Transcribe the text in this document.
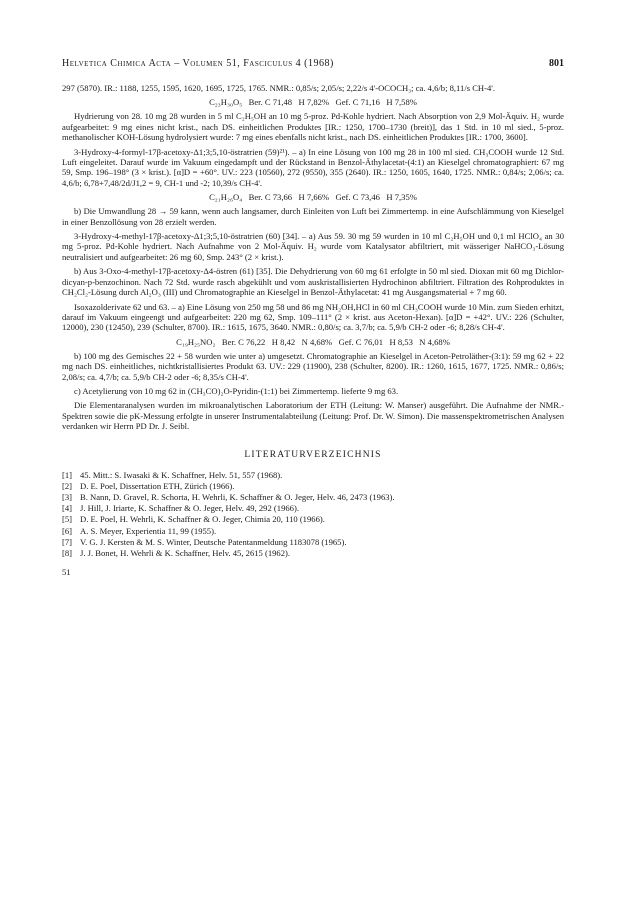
Helvetica Chimica Acta – Volumen 51, Fasciculus 4 (1968)	801

297 (5870). IR.: 1188, 1255, 1595, 1620, 1695, 1725, 1765. NMR.: 0,85/s; 2,05/s; 2,22/s 4'-OCOCH₃; ca. 4,6/b; 8,11/s CH-4'.

C₂₃H₃₀O₅   Ber. C 71,48   H 7,82%   Gef. C 71,16   H 7,58%

Hydrierung von 28. 10 mg 28 wurden in 5 ml C₂H₅OH an 10 mg 5-proz. Pd-Kohle hydriert. Nach Absorption von 2,9 Mol-Äquiv. H₂ wurde aufgearbeitet: 9 mg eines nicht krist., nach DS. einheitlichen Produktes [IR.: 1250, 1700–1730 (breit)], das 1 Std. in 10 ml sied., 5-proz. methanolischer KOH-Lösung hydrolysiert wurde: 7 mg eines ebenfalls nicht krist., nach DS. einheitlichen Produktes [IR.: 1700, 3600].

3-Hydroxy-4-formyl-17β-acetoxy-Δ1;3;5,10-östratrien (59)²¹). – a) In eine Lösung von 100 mg 28 in 100 ml sied. CH₃COOH wurde 12 Std. Luft eingeleitet. Darauf wurde im Vakuum eingedampft und der Rückstand in Benzol-Äthylacetat-(4:1) an Kieselgel chromatographiert: 67 mg 59, Smp. 196–198° (3 × krist.). [α]D = +60°. UV.: 223 (10560), 272 (9550), 355 (2640). IR.: 1250, 1605, 1640, 1725. NMR.: 0,84/s; 2,06/s; ca. 4,6/b; 6,78+7,48/2d/J1,2 = 9, CH-1 und -2; 10,39/s CH-4'.

C₂₁H₂₆O₄   Ber. C 73,66   H 7,66%   Gef. C 73,46   H 7,35%

b) Die Umwandlung 28 → 59 kann, wenn auch langsamer, durch Einleiten von Luft bei Zimmertemp. in eine Aufschlämmung von Kieselgel in einer Benzollösung von 28 erzielt werden.

3-Hydroxy-4-methyl-17β-acetoxy-Δ1;3;5,10-östratrien (60) [34]. – a) Aus 59. 30 mg 59 wurden in 10 ml C₂H₅OH und 0,1 ml HClO₄ an 30 mg 5-proz. Pd-Kohle hydriert. Nach Aufnahme von 2 Mol-Äquiv. H₂ wurde vom Katalysator abfiltriert, mit wässeriger NaHCO₃-Lösung neutralisiert und aufgearbeitet: 26 mg 60, Smp. 243° (2 × krist.).

b) Aus 3-Oxo-4-methyl-17β-acetoxy-Δ4-östren (61) [35]. Die Dehydrierung von 60 mg 61 erfolgte in 50 ml sied. Dioxan mit 60 mg Dichlor-dicyan-p-benzochinon. Nach 72 Std. wurde rasch abgekühlt und vom auskristallisierten Hydrochinon abfiltriert. Filtration des Rohproduktes in CH₂Cl₂-Lösung durch Al₂O₃ (III) und Chromatographie an Kieselgel in Benzol-Äthylacetat: 41 mg Ausgangsmaterial + 7 mg 60.

Isoxazolderivate 62 und 63. – a) Eine Lösung von 250 mg 58 und 86 mg NH₂OH,HCl in 60 ml CH₃COOH wurde 10 Min. zum Sieden erhitzt, darauf im Vakuum eingeengt und aufgearbeitet: 220 mg 62, Smp. 109–111° (2 × krist. aus Aceton-Hexan). [α]D = +42°. UV.: 226 (Schulter, 12000), 230 (12450), 239 (Schulter, 8700). IR.: 1615, 1675, 3640. NMR.: 0,80/s; ca. 3,7/b; ca. 5,9/b CH-2 oder -6; 8,28/s CH-4'.

C₁₉H₂₅NO₂   Ber. C 76,22   H 8,42   N 4,68%   Gef. C 76,01   H 8,53   N 4,68%

b) 100 mg des Gemisches 22 + 58 wurden wie unter a) umgesetzt. Chromatographie an Kieselgel in Aceton-Petroläther-(3:1): 59 mg 62 + 22 mg nach DS. einheitliches, nichtkristallisiertes Produkt 63. UV.: 229 (11900), 238 (Schulter, 8200). IR.: 1260, 1615, 1677, 1725. NMR.: 0,86/s; 2,08/s; ca. 4,7/b; ca. 5,9/b CH-2 oder -6; 8,35/s CH-4'.

c) Acetylierung von 10 mg 62 in (CH₃CO)₂O-Pyridin-(1:1) bei Zimmertemp. lieferte 9 mg 63.

Die Elementaranalysen wurden im mikroanalytischen Laboratorium der ETH (Leitung: W. Manser) ausgeführt. Die Aufnahme der NMR.-Spektren sowie die pK-Messung erfolgte in unserer Instrumentalabteilung (Leitung: Prof. Dr. W. Simon). Die massenspektrometrischen Analysen verdanken wir Herrn PD Dr. J. Seibl.

LITERATURVERZEICHNIS
[1] 45. Mitt.: S. Iwasaki & K. Schaffner, Helv. 51, 557 (1968).
[2] D. E. Poel, Dissertation ETH, Zürich (1966).
[3] B. Nann, D. Gravel, R. Schorta, H. Wehrli, K. Schaffner & O. Jeger, Helv. 46, 2473 (1963).
[4] J. Hill, J. Iriarte, K. Schaffner & O. Jeger, Helv. 49, 292 (1966).
[5] D. E. Poel, H. Wehrli, K. Schaffner & O. Jeger, Chimia 20, 110 (1966).
[6] A. S. Meyer, Experientia 11, 99 (1955).
[7] V. G. J. Kersten & M. S. Winter, Deutsche Patentanmeldung 1183078 (1965).
[8] J. J. Bonet, H. Wehrli & K. Schaffner, Helv. 45, 2615 (1962).
51
